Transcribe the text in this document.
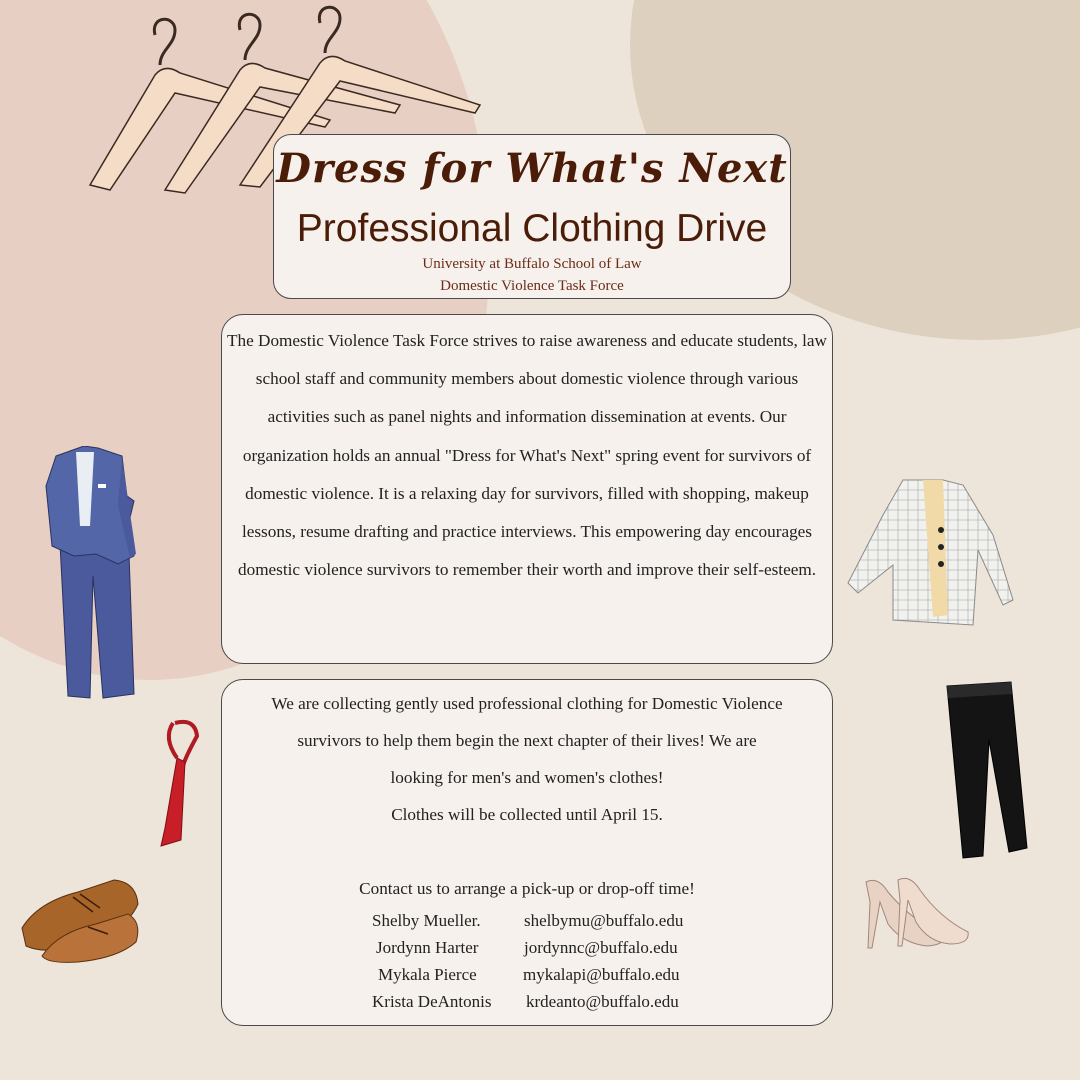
Dress for What's Next
Professional Clothing Drive
University at Buffalo School of Law
Domestic Violence Task Force
The Domestic Violence Task Force strives to raise awareness and educate students, law school staff and community members about domestic violence through various activities such as panel nights and information dissemination at events. Our organization holds an annual "Dress for What's Next" spring event for survivors of domestic violence. It is a relaxing day for survivors, filled with shopping, makeup lessons, resume drafting and practice interviews. This empowering day encourages domestic violence survivors to remember their worth and improve their self-esteem.
We are collecting gently used professional clothing for Domestic Violence
survivors to help them begin the next chapter of their lives! We are
looking for men's and women's clothes!
Clothes will be collected until April 15.
Contact us to arrange a pick-up or drop-off time!
Shelby Mueller.	shelbymu@buffalo.edu
Jordynn Harter	jordynnc@buffalo.edu
Mykala Pierce	mykalapi@buffalo.edu
Krista DeAntonis krdeanto@buffalo.edu
